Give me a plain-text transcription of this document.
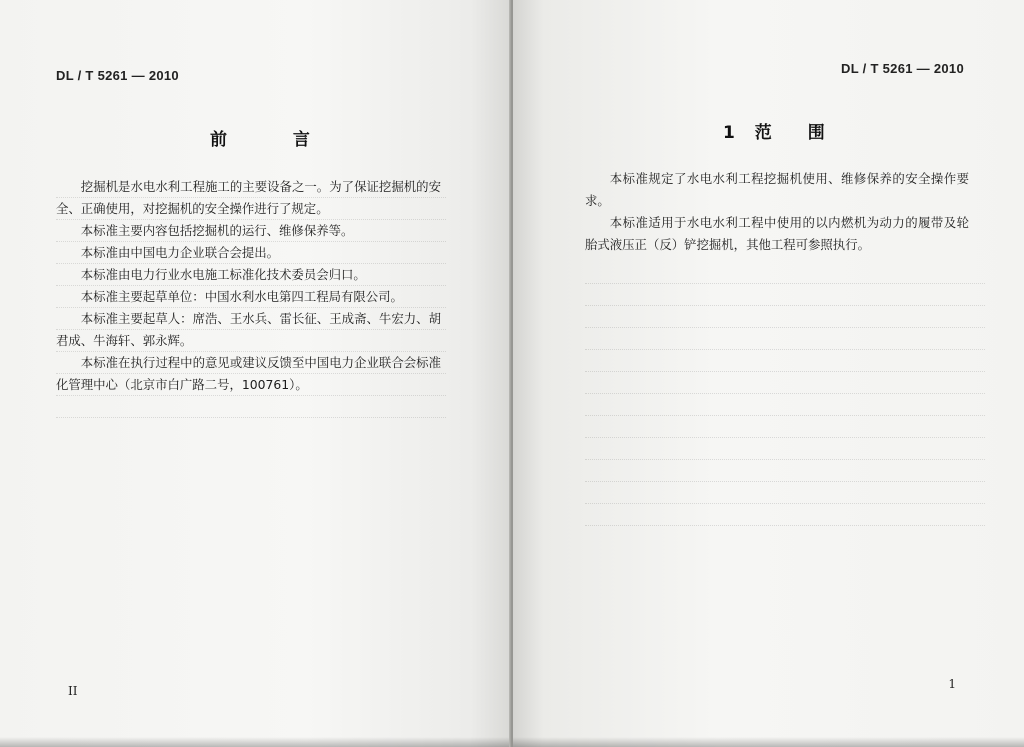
DL / T 5261 — 2010
前 言

挖掘机是水电水利工程施工的主要设备之一。为了保证挖掘机的安全、正确使用，对挖掘机的安全操作进行了规定。

本标准主要内容包括挖掘机的运行、维修保养等。

本标准由中国电力企业联合会提出。

本标准由电力行业水电施工标准化技术委员会归口。

本标准主要起草单位：中国水利水电第四工程局有限公司。

本标准主要起草人：席浩、王水兵、雷长征、王成斋、牛宏力、胡君成、牛海轩、郭永辉。

本标准在执行过程中的意见或建议反馈至中国电力企业联合会标准化管理中心（北京市白广路二号，100761）。

II
DL / T 5261 — 2010
1 范 围

本标准规定了水电水利工程挖掘机使用、维修保养的安全操作要求。

本标准适用于水电水利工程中使用的以内燃机为动力的履带及轮胎式液压正（反）铲挖掘机，其他工程可参照执行。

1
